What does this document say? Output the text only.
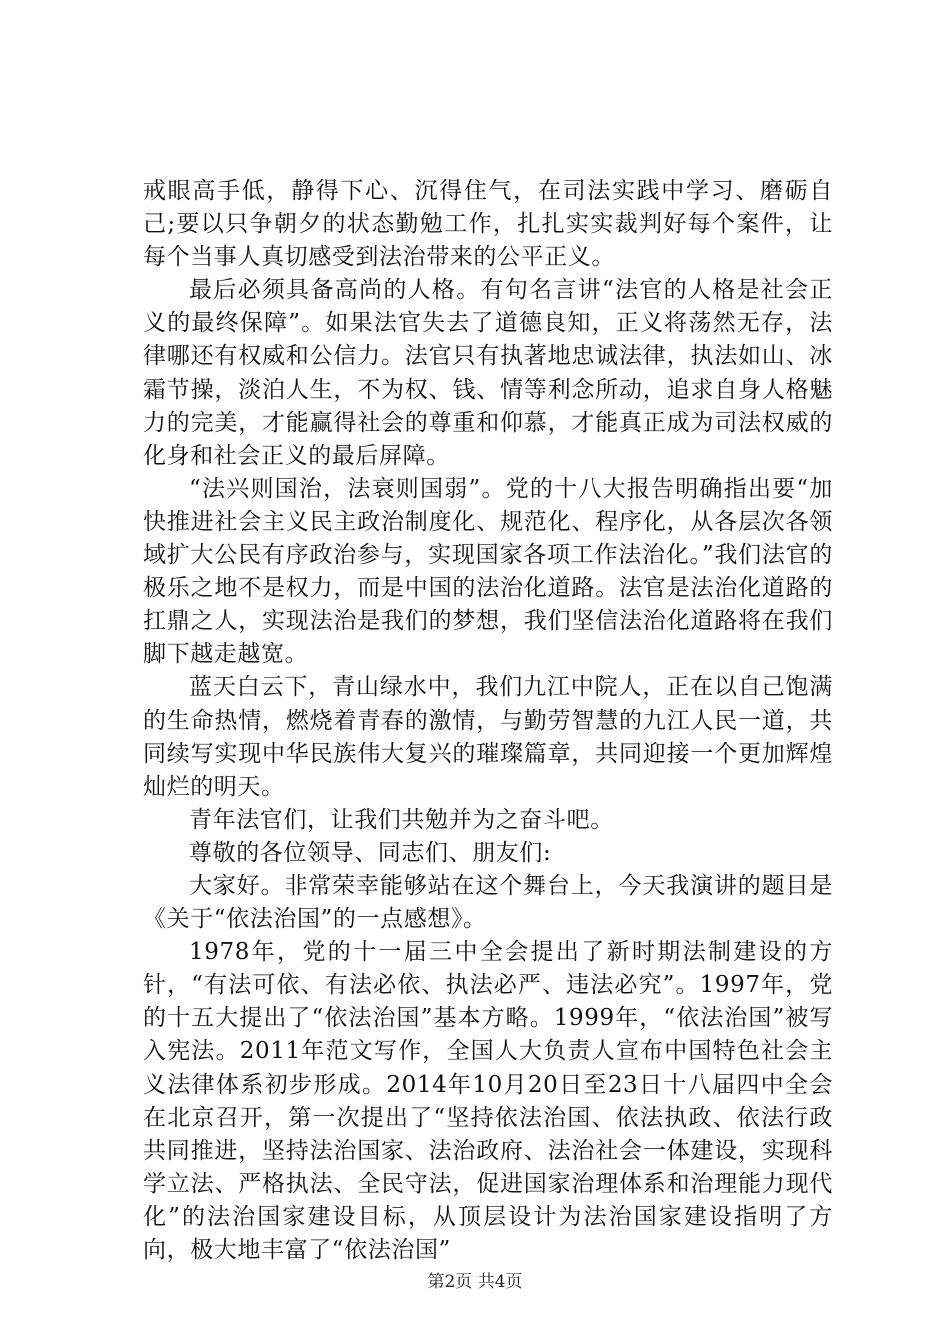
戒眼高手低，静得下心、沉得住气，在司法实践中学习、磨砺自己;要以只争朝夕的状态勤勉工作，扎扎实实裁判好每个案件，让每个当事人真切感受到法治带来的公平正义。

最后必须具备高尚的人格。有句名言讲“法官的人格是社会正义的最终保障”。如果法官失去了道德良知，正义将荡然无存，法律哪还有权威和公信力。法官只有执著地忠诚法律，执法如山、冰霜节操，淡泊人生，不为权、钱、情等利念所动，追求自身人格魅力的完美，才能赢得社会的尊重和仰慕，才能真正成为司法权威的化身和社会正义的最后屏障。

“法兴则国治，法衰则国弱”。党的十八大报告明确指出要“加快推进社会主义民主政治制度化、规范化、程序化，从各层次各领域扩大公民有序政治参与，实现国家各项工作法治化。”我们法官的极乐之地不是权力，而是中国的法治化道路。法官是法治化道路的扛鼎之人，实现法治是我们的梦想，我们坚信法治化道路将在我们脚下越走越宽。

蓝天白云下，青山绿水中，我们九江中院人，正在以自己饱满的生命热情，燃烧着青春的激情，与勤劳智慧的九江人民一道，共同续写实现中华民族伟大复兴的璀璨篇章，共同迎接一个更加辉煌灿烂的明天。

青年法官们，让我们共勉并为之奋斗吧。

尊敬的各位领导、同志们、朋友们:

大家好。非常荣幸能够站在这个舞台上，今天我演讲的题目是《关于“依法治国”的一点感想》。

1978年，党的十一届三中全会提出了新时期法制建设的方针，“有法可依、有法必依、执法必严、违法必究”。1997年，党的十五大提出了“依法治国”基本方略。1999年，“依法治国”被写入宪法。2011年范文写作，全国人大负责人宣布中国特色社会主义法律体系初步形成。2014年10月20日至23日十八届四中全会在北京召开，第一次提出了“坚持依法治国、依法执政、依法行政共同推进，坚持法治国家、法治政府、法治社会一体建设，实现科学立法、严格执法、全民守法，促进国家治理体系和治理能力现代化”的法治国家建设目标，从顶层设计为法治国家建设指明了方向，极大地丰富了“依法治国”

第2页 共4页
